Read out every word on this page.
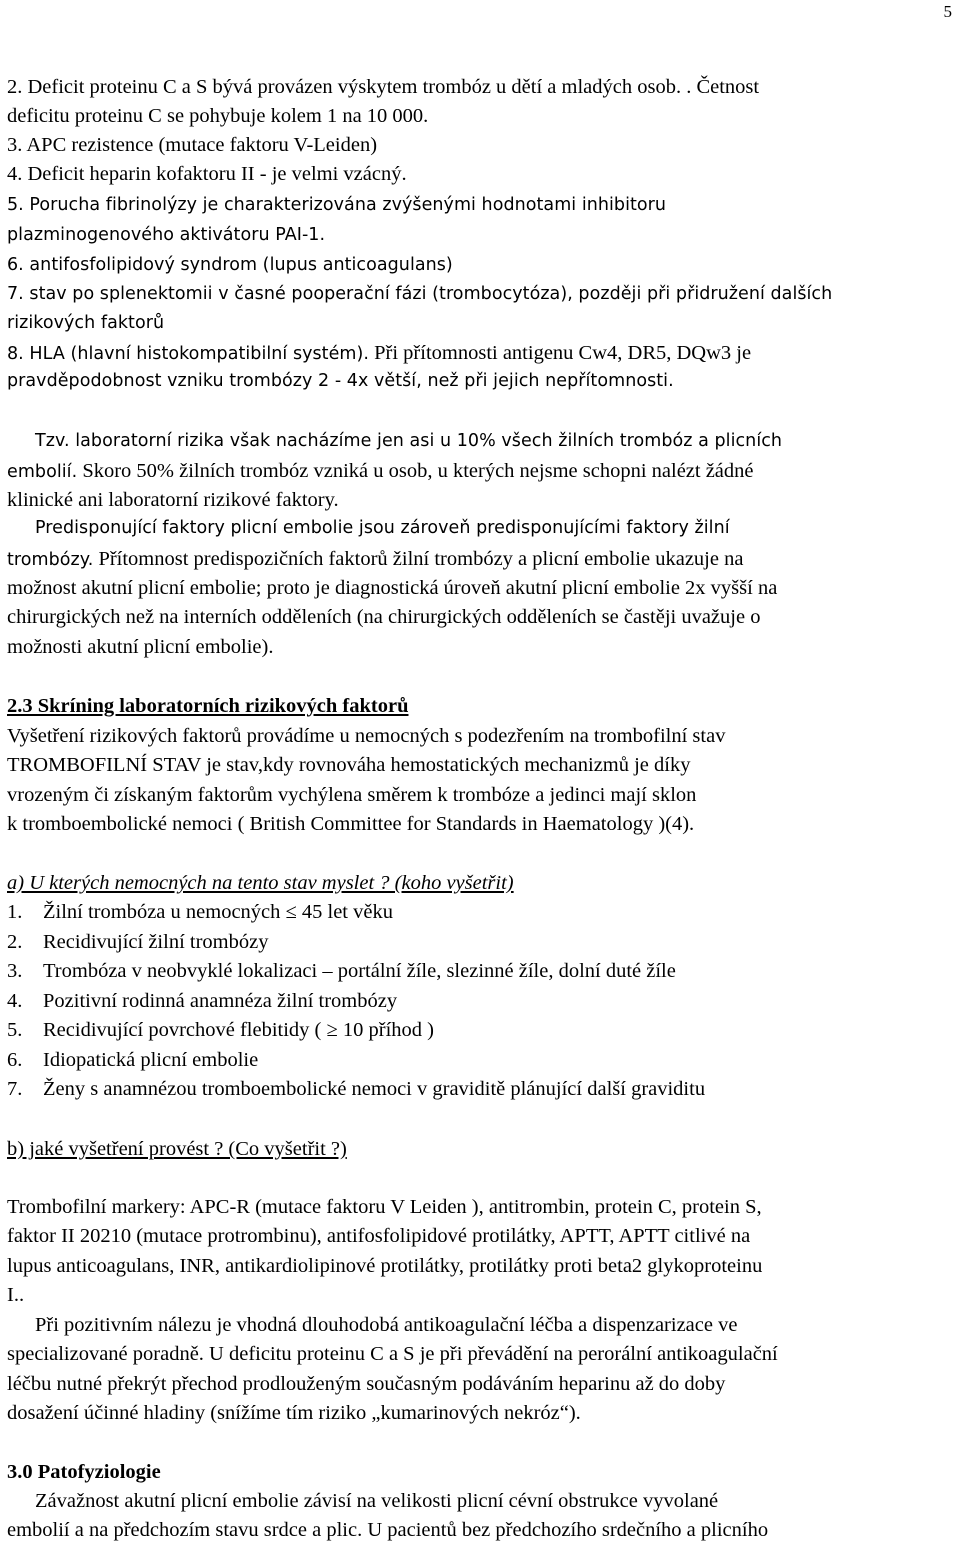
5
2. Deficit proteinu C a S bývá provázen výskytem trombóz u dětí a mladých osob. . Četnost
deficitu proteinu C se pohybuje kolem 1 na 10 000.
3. APC rezistence (mutace faktoru V-Leiden)
4. Deficit heparin kofaktoru II - je velmi vzácný.
5. Porucha fibrinolýzy je charakterizována zvýšenými hodnotami inhibitoru
plazminogenového aktivátoru PAI-1.
6. antifosfolipidový syndrom (lupus anticoagulans)
7. stav po splenektomii v časné pooperační fázi (trombocytóza), později při přidružení dalších
rizikových faktorů
8. HLA (hlavní histokompatibilní systém). Při přítomnosti antigenu Cw4, DR5, DQw3 je
pravděpodobnost vzniku trombózy 2 - 4x větší, než při jejich nepřítomnosti.
Tzv. laboratorní rizika však nacházíme jen asi u 10% všech žilních trombóz a plicních
embolií. Skoro 50% žilních trombóz vzniká u osob, u kterých nejsme schopni nalézt žádné
klinické ani laboratorní rizikové faktory.
Predisponující faktory plicní embolie jsou zároveň predisponujícími faktory žilní
trombózy. Přítomnost predispozičních faktorů žilní trombózy a plicní embolie ukazuje na
možnost akutní plicní embolie; proto je diagnostická úroveň akutní plicní embolie 2x vyšší na
chirurgických než na interních odděleních (na chirurgických odděleních se častěji uvažuje o
možnosti akutní plicní embolie).
2.3 Skríning laboratorních rizikových faktorů
Vyšetření rizikových faktorů provádíme u nemocných s podezřením na trombofilní stav
TROMBOFILNÍ STAV je stav,kdy rovnováha hemostatických mechanizmů je díky
vrozeným či získaným faktorům vychýlena směrem k trombóze a jedinci mají sklon
k tromboembolické nemoci ( British Committee for Standards in Haematology )(4).
a) U kterých nemocných na tento stav myslet ? (koho vyšetřit)
1. Žilní trombóza u nemocných ≤ 45 let věku
2. Recidivující žilní trombózy
3. Trombóza v neobvyklé lokalizaci – portální žíle, slezinné žíle, dolní duté žíle
4. Pozitivní rodinná anamnéza žilní trombózy
5. Recidivující povrchové flebitidy ( ≥ 10 příhod )
6. Idiopatická plicní embolie
7. Ženy s anamnézou tromboembolické nemoci v graviditě plánující další graviditu
b) jaké vyšetření provést ? (Co vyšetřit ?)
Trombofilní markery: APC-R (mutace faktoru V Leiden ), antitrombin, protein C, protein S,
faktor II 20210 (mutace protrombinu), antifosfolipidové protilátky, APTT, APTT citlivé na
lupus anticoagulans, INR, antikardiolipinové protilátky, protilátky proti beta2 glykoproteinu
I..
Při pozitivním nálezu je vhodná dlouhodobá antikoagulační léčba a dispenzarizace ve
specializované poradně. U deficitu proteinu C a S je při převádění na perorální antikoagulační
léčbu nutné překrýt přechod prodlouženým současným podáváním heparinu až do doby
dosažení účinné hladiny (snížíme tím riziko „kumarinových nekróz“).
3.0 Patofyziologie
Závažnost akutní plicní embolie závisí na velikosti plicní cévní obstrukce vyvolané
embolií a na předchozím stavu srdce a plic. U pacientů bez předchozího srdečního a plicního
